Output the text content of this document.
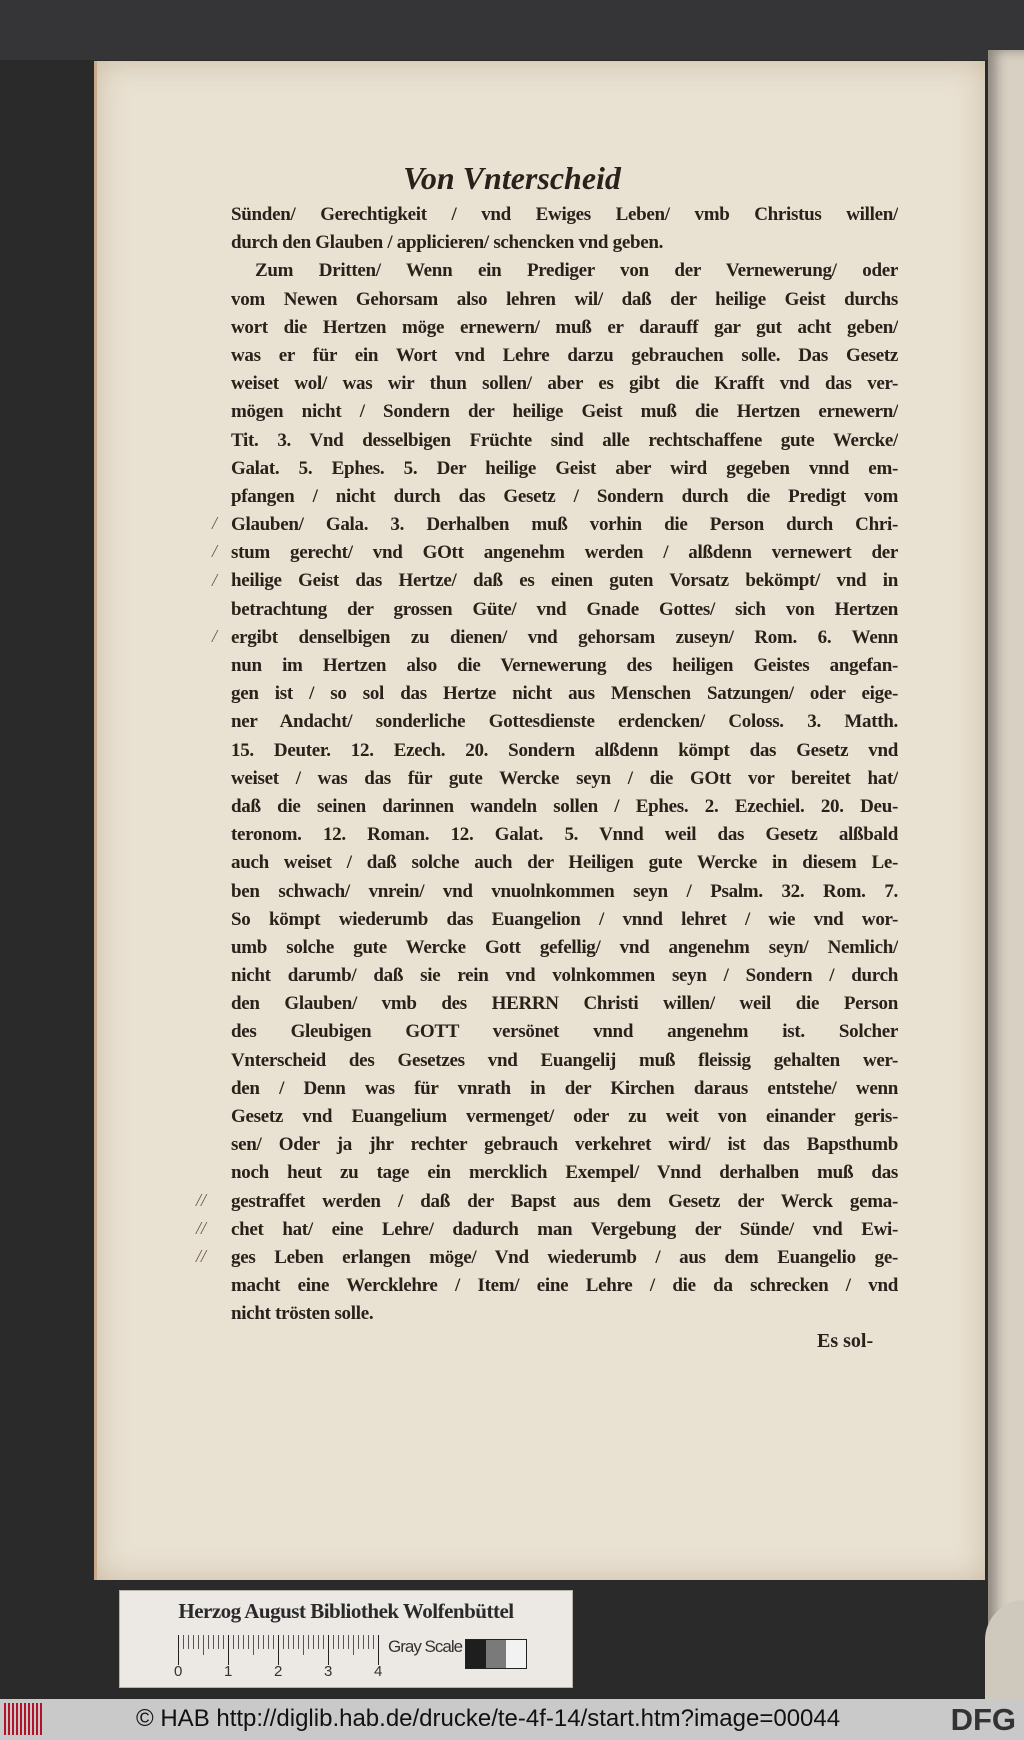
Von Vnterscheid
Sünden/ Gerechtigkeit / vnd Ewiges Leben/ vmb Christus willen/
durch den Glauben / applicieren/ schencken vnd geben.
Zum Dritten/ Wenn ein Prediger von der Vernewerung/ oder
vom Newen Gehorsam also lehren wil/ daß der heilige Geist durchs
wort die Hertzen möge ernewern/ muß er darauff gar gut acht geben/
was er für ein Wort vnd Lehre darzu gebrauchen solle. Das Gesetz
weiset wol/ was wir thun sollen/ aber es gibt die Krafft vnd das ver-
mögen nicht / Sondern der heilige Geist muß die Hertzen ernewern/
Tit. 3. Vnd desselbigen Früchte sind alle rechtschaffene gute Wercke/
Galat. 5. Ephes. 5. Der heilige Geist aber wird gegeben vnnd em-
pfangen / nicht durch das Gesetz / Sondern durch die Predigt vom
Glauben/ Gala. 3. Derhalben muß vorhin die Person durch Chri-
stum gerecht/ vnd GOtt angenehm werden / alßdenn vernewert der
heilige Geist das Hertze/ daß es einen guten Vorsatz bekömpt/ vnd in
betrachtung der grossen Güte/ vnd Gnade Gottes/ sich von Hertzen
ergibt denselbigen zu dienen/ vnd gehorsam zuseyn/ Rom. 6. Wenn
nun im Hertzen also die Vernewerung des heiligen Geistes angefan-
gen ist / so sol das Hertze nicht aus Menschen Satzungen/ oder eige-
ner Andacht/ sonderliche Gottesdienste erdencken/ Coloss. 3. Matth.
15. Deuter. 12. Ezech. 20. Sondern alßdenn kömpt das Gesetz vnd
weiset / was das für gute Wercke seyn / die GOtt vor bereitet hat/
daß die seinen darinnen wandeln sollen / Ephes. 2. Ezechiel. 20. Deu-
teronom. 12. Roman. 12. Galat. 5. Vnnd weil das Gesetz alßbald
auch weiset / daß solche auch der Heiligen gute Wercke in diesem Le-
ben schwach/ vnrein/ vnd vnuolnkommen seyn / Psalm. 32. Rom. 7.
So kömpt wiederumb das Euangelion / vnnd lehret / wie vnd wor-
umb solche gute Wercke Gott gefellig/ vnd angenehm seyn/ Nemlich/
nicht darumb/ daß sie rein vnd volnkommen seyn / Sondern / durch
den Glauben/ vmb des HERRN Christi willen/ weil die Person
des Gleubigen GOTT versönet vnnd angenehm ist. Solcher
Vnterscheid des Gesetzes vnd Euangelij muß fleissig gehalten wer-
den / Denn was für vnrath in der Kirchen daraus entstehe/ wenn
Gesetz vnd Euangelium vermenget/ oder zu weit von einander geris-
sen/ Oder ja jhr rechter gebrauch verkehret wird/ ist das Bapsthumb
noch heut zu tage ein mercklich Exempel/ Vnnd derhalben muß das
gestraffet werden / daß der Bapst aus dem Gesetz der Werck gema-
chet hat/ eine Lehre/ dadurch man Vergebung der Sünde/ vnd Ewi-
ges Leben erlangen möge/ Vnd wiederumb / aus dem Euangelio ge-
macht eine Wercklehre / Item/ eine Lehre / die da schrecken / vnd
nicht trösten solle.
Es sol-
/
/
/
/
//
//
//
Herzog August Bibliothek Wolfenbüttel
0	1	2	3	4
Gray Scale
© HAB http://diglib.hab.de/drucke/te-4f-14/start.htm?image=00044	DFG
